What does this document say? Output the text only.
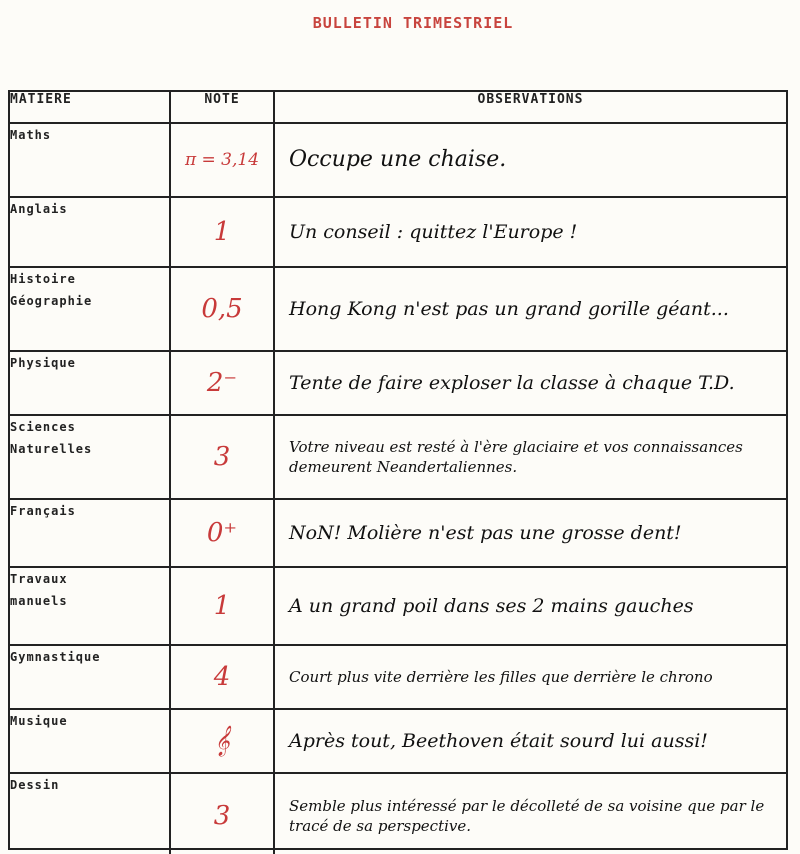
BULLETIN TRIMESTRIEL
MATIERE	NOTE	OBSERVATIONS
Maths	π = 3,14	Occupe une chaise.
Anglais	1	Un conseil : quittez l'Europe !
Histoire
Géographie	0,5	Hong Kong n'est pas un grand gorille géant...
Physique	2⁻	Tente de faire exploser la classe à chaque T.D.
Sciences
Naturelles	3	Votre niveau est resté à l'ère glaciaire et vos connaissances demeurent Neandertaliennes.
Français	0⁺	NoN! Molière n'est pas une grosse dent!
Travaux
manuels	1	A un grand poil dans ses 2 mains gauches
Gymnastique	4	Court plus vite derrière les filles que derrière le chrono
Musique	𝄞	Après tout, Beethoven était sourd lui aussi!
Dessin	3	Semble plus intéressé par le décolleté de sa voisine que par le tracé de sa perspective.
